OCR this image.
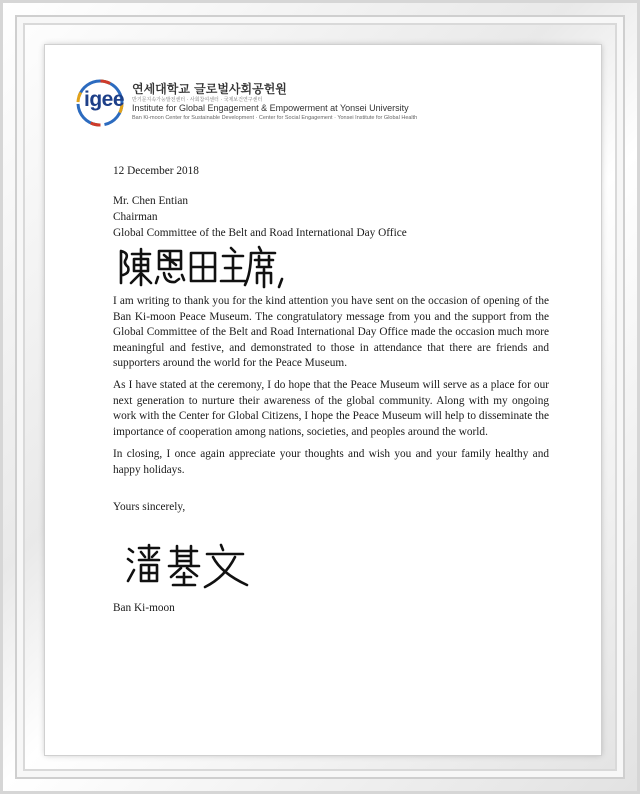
igee 연세대학교 글로벌사회공헌원
반기문지속가능발전센터 · 사회참여센터 · 국제보건연구센터
Institute for Global Engagement & Empowerment at Yonsei University
Ban Ki-moon Center for Sustainable Development · Center for Social Engagement · Yonsei Institute for Global Health
12 December 2018
Mr. Chen Entian
Chairman
Global Committee of the Belt and Road International Day Office

I am writing to thank you for the kind attention you have sent on the occasion of opening of the Ban Ki-moon Peace Museum. The congratulatory message from you and the support from the Global Committee of the Belt and Road International Day Office made the occasion much more meaningful and festive, and demonstrated to those in attendance that there are friends and supporters around the world for the Peace Museum.

As I have stated at the ceremony, I do hope that the Peace Museum will serve as a place for our next generation to nurture their awareness of the global community. Along with my ongoing work with the Center for Global Citizens, I hope the Peace Museum will help to disseminate the importance of cooperation among nations, societies, and peoples around the world.

In closing, I once again appreciate your thoughts and wish you and your family healthy and happy holidays.

Yours sincerely,
Ban Ki-moon
